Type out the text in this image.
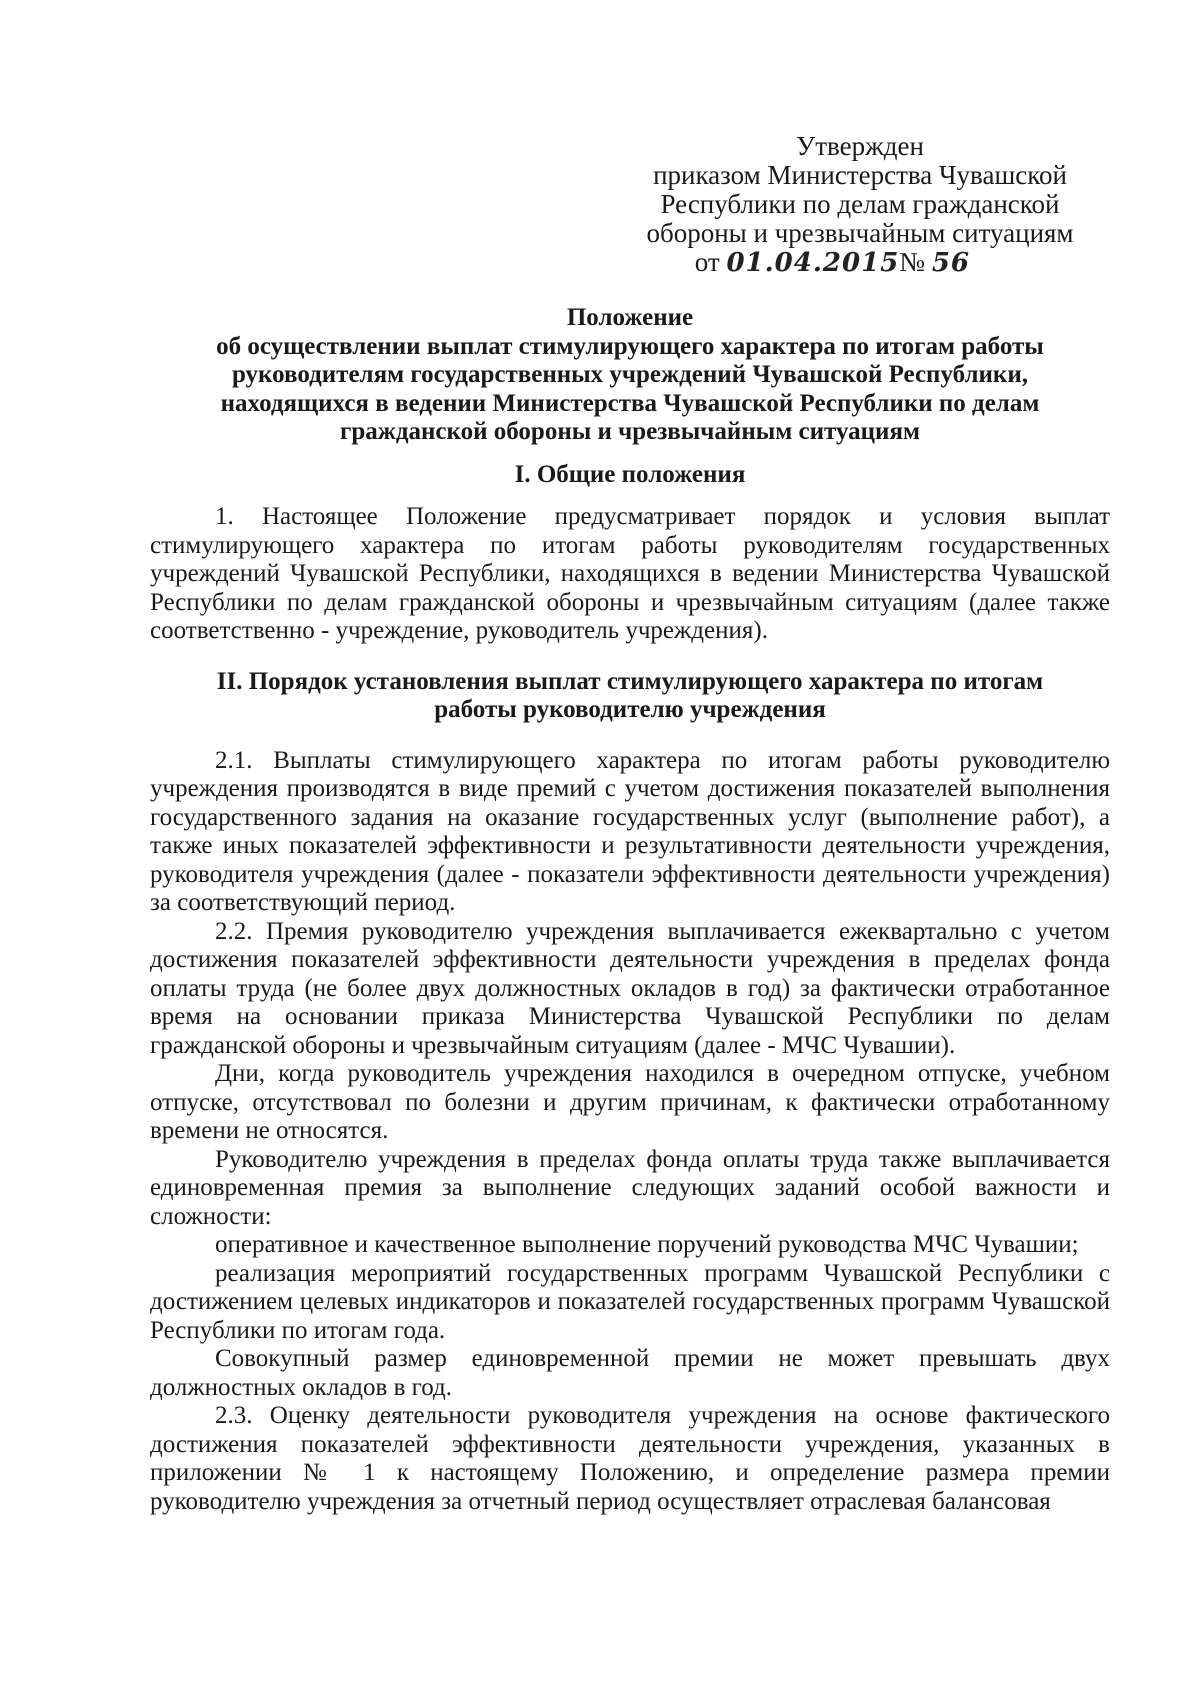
Утвержден
приказом Министерства Чувашской
Республики по делам гражданской
обороны и чрезвычайным ситуациям
от 01.04.2015№ 56
Положение
об осуществлении выплат стимулирующего характера по итогам работы
руководителям государственных учреждений Чувашской Республики,
находящихся в ведении Министерства Чувашской Республики по делам
гражданской обороны и чрезвычайным ситуациям
I. Общие положения

1. Настоящее Положение предусматривает порядок и условия выплат стимулирующего характера по итогам работы руководителям государственных учреждений Чувашской Республики, находящихся в ведении Министерства Чувашской Республики по делам гражданской обороны и чрезвычайным ситуациям (далее также соответственно - учреждение, руководитель учреждения).

II. Порядок установления выплат стимулирующего характера по итогам
работы руководителю учреждения

2.1. Выплаты стимулирующего характера по итогам работы руководителю учреждения производятся в виде премий с учетом достижения показателей выполнения государственного задания на оказание государственных услуг (выполнение работ), а также иных показателей эффективности и результативности деятельности учреждения, руководителя учреждения (далее - показатели эффективности деятельности учреждения) за соответствующий период.

2.2. Премия руководителю учреждения выплачивается ежеквартально с учетом достижения показателей эффективности деятельности учреждения в пределах фонда оплаты труда (не более двух должностных окладов в год) за фактически отработанное время на основании приказа Министерства Чувашской Республики по делам гражданской обороны и чрезвычайным ситуациям (далее - МЧС Чувашии).

Дни, когда руководитель учреждения находился в очередном отпуске, учебном отпуске, отсутствовал по болезни и другим причинам, к фактически отработанному времени не относятся.

Руководителю учреждения в пределах фонда оплаты труда также выплачивается единовременная премия за выполнение следующих заданий особой важности и сложности:

оперативное и качественное выполнение поручений руководства МЧС Чувашии;

реализация мероприятий государственных программ Чувашской Республики с достижением целевых индикаторов и показателей государственных программ Чувашской Республики по итогам года.

Совокупный размер единовременной премии не может превышать двух должностных окладов в год.

2.3. Оценку деятельности руководителя учреждения на основе фактического достижения показателей эффективности деятельности учреждения, указанных в приложении № 1 к настоящему Положению, и определение размера премии руководителю учреждения за отчетный период осуществляет отраслевая балансовая
